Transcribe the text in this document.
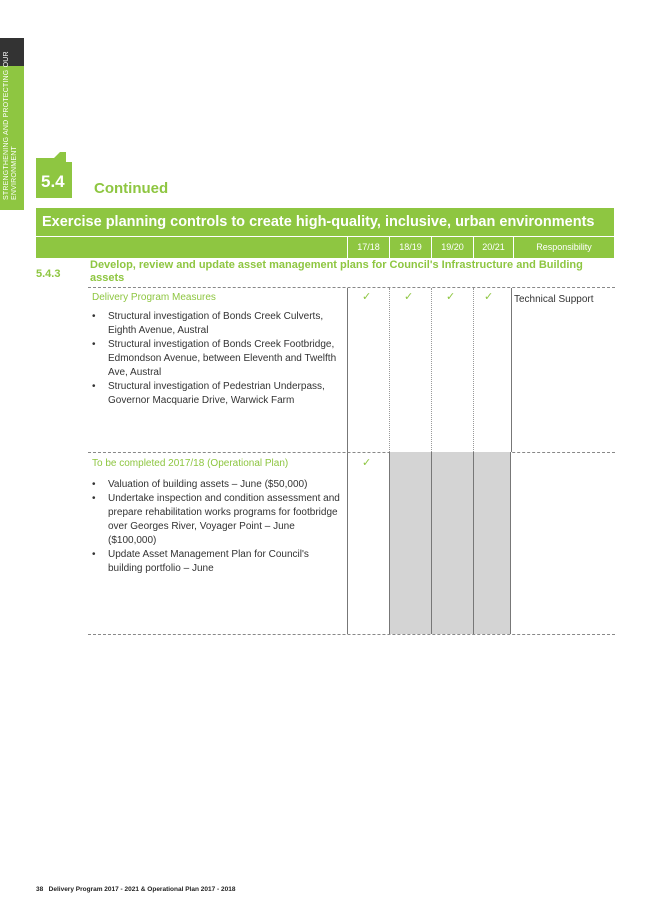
STRENGTHENING AND PROTECTING OUR ENVIRONMENT 5.4 Continued
Exercise planning controls to create high-quality, inclusive, urban environments
17/18	18/19	19/20	20/21	Responsibility
5.4.3
Develop, review and update asset management plans for Council's Infrastructure and Building assets
Delivery Program Measures
• Structural investigation of Bonds Creek Culverts, Eighth Avenue, Austral
• Structural investigation of Bonds Creek Footbridge, Edmondson Avenue, between Eleventh and Twelfth Ave, Austral
• Structural investigation of Pedestrian Underpass, Governor Macquarie Drive, Warwick Farm
✓	✓	✓	✓ Technical Support
To be completed 2017/18 (Operational Plan)
• Valuation of building assets – June ($50,000)
• Undertake inspection and condition assessment and prepare rehabilitation works programs for footbridge over Georges River, Voyager Point – June ($100,000)
• Update Asset Management Plan for Council's building portfolio – June
✓
38 Delivery Program 2017 - 2021 & Operational Plan 2017 - 2018
